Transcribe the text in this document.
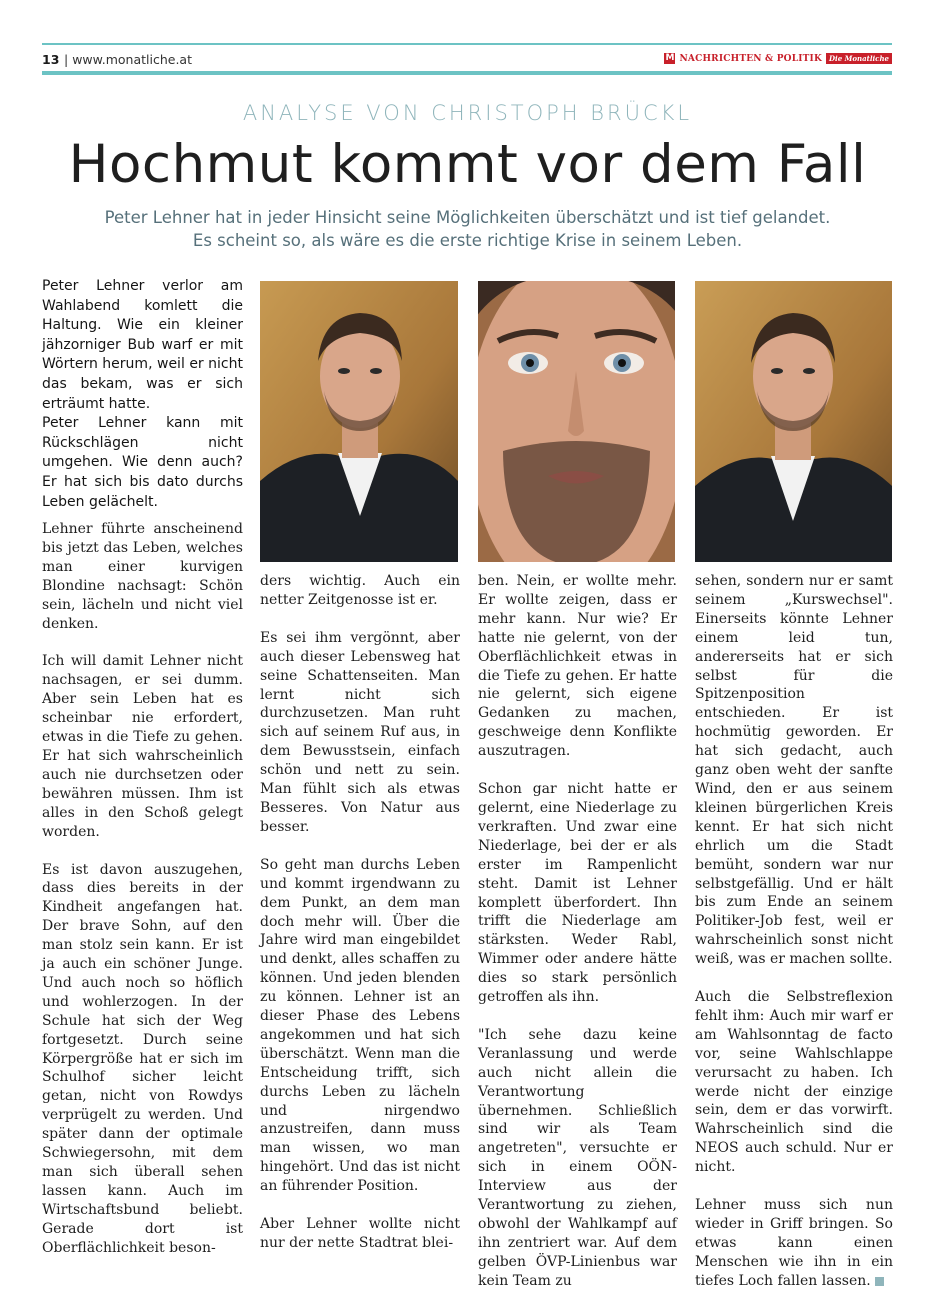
13 | www.monatliche.at	M NACHRICHTEN & POLITIK	Die Monatliche
ANALYSE VON CHRISTOPH BRÜCKL
Hochmut kommt vor dem Fall
Peter Lehner hat in jeder Hinsicht seine Möglichkeiten überschätzt und ist tief gelandet.
Es scheint so, als wäre es die erste richtige Krise in seinem Leben.

Peter Lehner verlor am Wahlabend komlett die Haltung. Wie ein kleiner jähzorniger Bub warf er mit Wörtern herum, weil er nicht das bekam, was er sich erträumt hatte.

Peter Lehner kann mit Rückschlägen nicht umgehen. Wie denn auch? Er hat sich bis dato durchs Leben gelächelt.

Lehner führte anscheinend bis jetzt das Leben, welches man einer kurvigen Blondine nachsagt: Schön sein, lächeln und nicht viel denken.

Ich will damit Lehner nicht nachsagen, er sei dumm. Aber sein Leben hat es scheinbar nie erfordert, etwas in die Tiefe zu gehen. Er hat sich wahrscheinlich auch nie durchsetzen oder bewähren müssen. Ihm ist alles in den Schoß gelegt worden.

Es ist davon auszugehen, dass dies bereits in der Kindheit angefangen hat. Der brave Sohn, auf den man stolz sein kann. Er ist ja auch ein schöner Junge. Und auch noch so höflich und wohlerzogen. In der Schule hat sich der Weg fortgesetzt. Durch seine Körpergröße hat er sich im Schulhof sicher leicht getan, nicht von Rowdys verprügelt zu werden. Und später dann der optimale Schwiegersohn, mit dem man sich überall sehen lassen kann. Auch im Wirtschaftsbund beliebt. Gerade dort ist Oberflächlichkeit beson-

ders wichtig. Auch ein netter Zeitgenosse ist er.

Es sei ihm vergönnt, aber auch dieser Lebensweg hat seine Schattenseiten. Man lernt nicht sich durchzusetzen. Man ruht sich auf seinem Ruf aus, in dem Bewusstsein, einfach schön und nett zu sein. Man fühlt sich als etwas Besseres. Von Natur aus besser.

So geht man durchs Leben und kommt irgendwann zu dem Punkt, an dem man doch mehr will. Über die Jahre wird man eingebildet und denkt, alles schaffen zu können. Und jeden blenden zu können. Lehner ist an dieser Phase des Lebens angekommen und hat sich überschätzt. Wenn man die Entscheidung trifft, sich durchs Leben zu lächeln und nirgendwo anzustreifen, dann muss man wissen, wo man hingehört. Und das ist nicht an führender Position.

Aber Lehner wollte nicht nur der nette Stadtrat blei-

ben. Nein, er wollte mehr. Er wollte zeigen, dass er mehr kann. Nur wie? Er hatte nie gelernt, von der Oberflächlichkeit etwas in die Tiefe zu gehen. Er hatte nie gelernt, sich eigene Gedanken zu machen, geschweige denn Konflikte auszutragen.

Schon gar nicht hatte er gelernt, eine Niederlage zu verkraften. Und zwar eine Niederlage, bei der er als erster im Rampenlicht steht. Damit ist Lehner komplett überfordert. Ihn trifft die Niederlage am stärksten. Weder Rabl, Wimmer oder andere hätte dies so stark persönlich getroffen als ihn.

"Ich sehe dazu keine Veranlassung und werde auch nicht allein die Verantwortung übernehmen. Schließlich sind wir als Team angetreten", versuchte er sich in einem OÖN-Interview aus der Verantwortung zu ziehen, obwohl der Wahlkampf auf ihn zentriert war. Auf dem gelben ÖVP-Linienbus war kein Team zu

sehen, sondern nur er samt seinem „Kurswechsel". Einerseits könnte Lehner einem leid tun, andererseits hat er sich selbst für die Spitzenposition entschieden. Er ist hochmütig geworden. Er hat sich gedacht, auch ganz oben weht der sanfte Wind, den er aus seinem kleinen bürgerlichen Kreis kennt. Er hat sich nicht ehrlich um die Stadt bemüht, sondern war nur selbstgefällig. Und er hält bis zum Ende an seinem Politiker-Job fest, weil er wahrscheinlich sonst nicht weiß, was er machen sollte.

Auch die Selbstreflexion fehlt ihm: Auch mir warf er am Wahlsonntag de facto vor, seine Wahlschlappe verursacht zu haben. Ich werde nicht der einzige sein, dem er das vorwirft. Wahrscheinlich sind die NEOS auch schuld. Nur er nicht.

Lehner muss sich nun wieder in Griff bringen. So etwas kann einen Menschen wie ihn in ein tiefes Loch fallen lassen.
